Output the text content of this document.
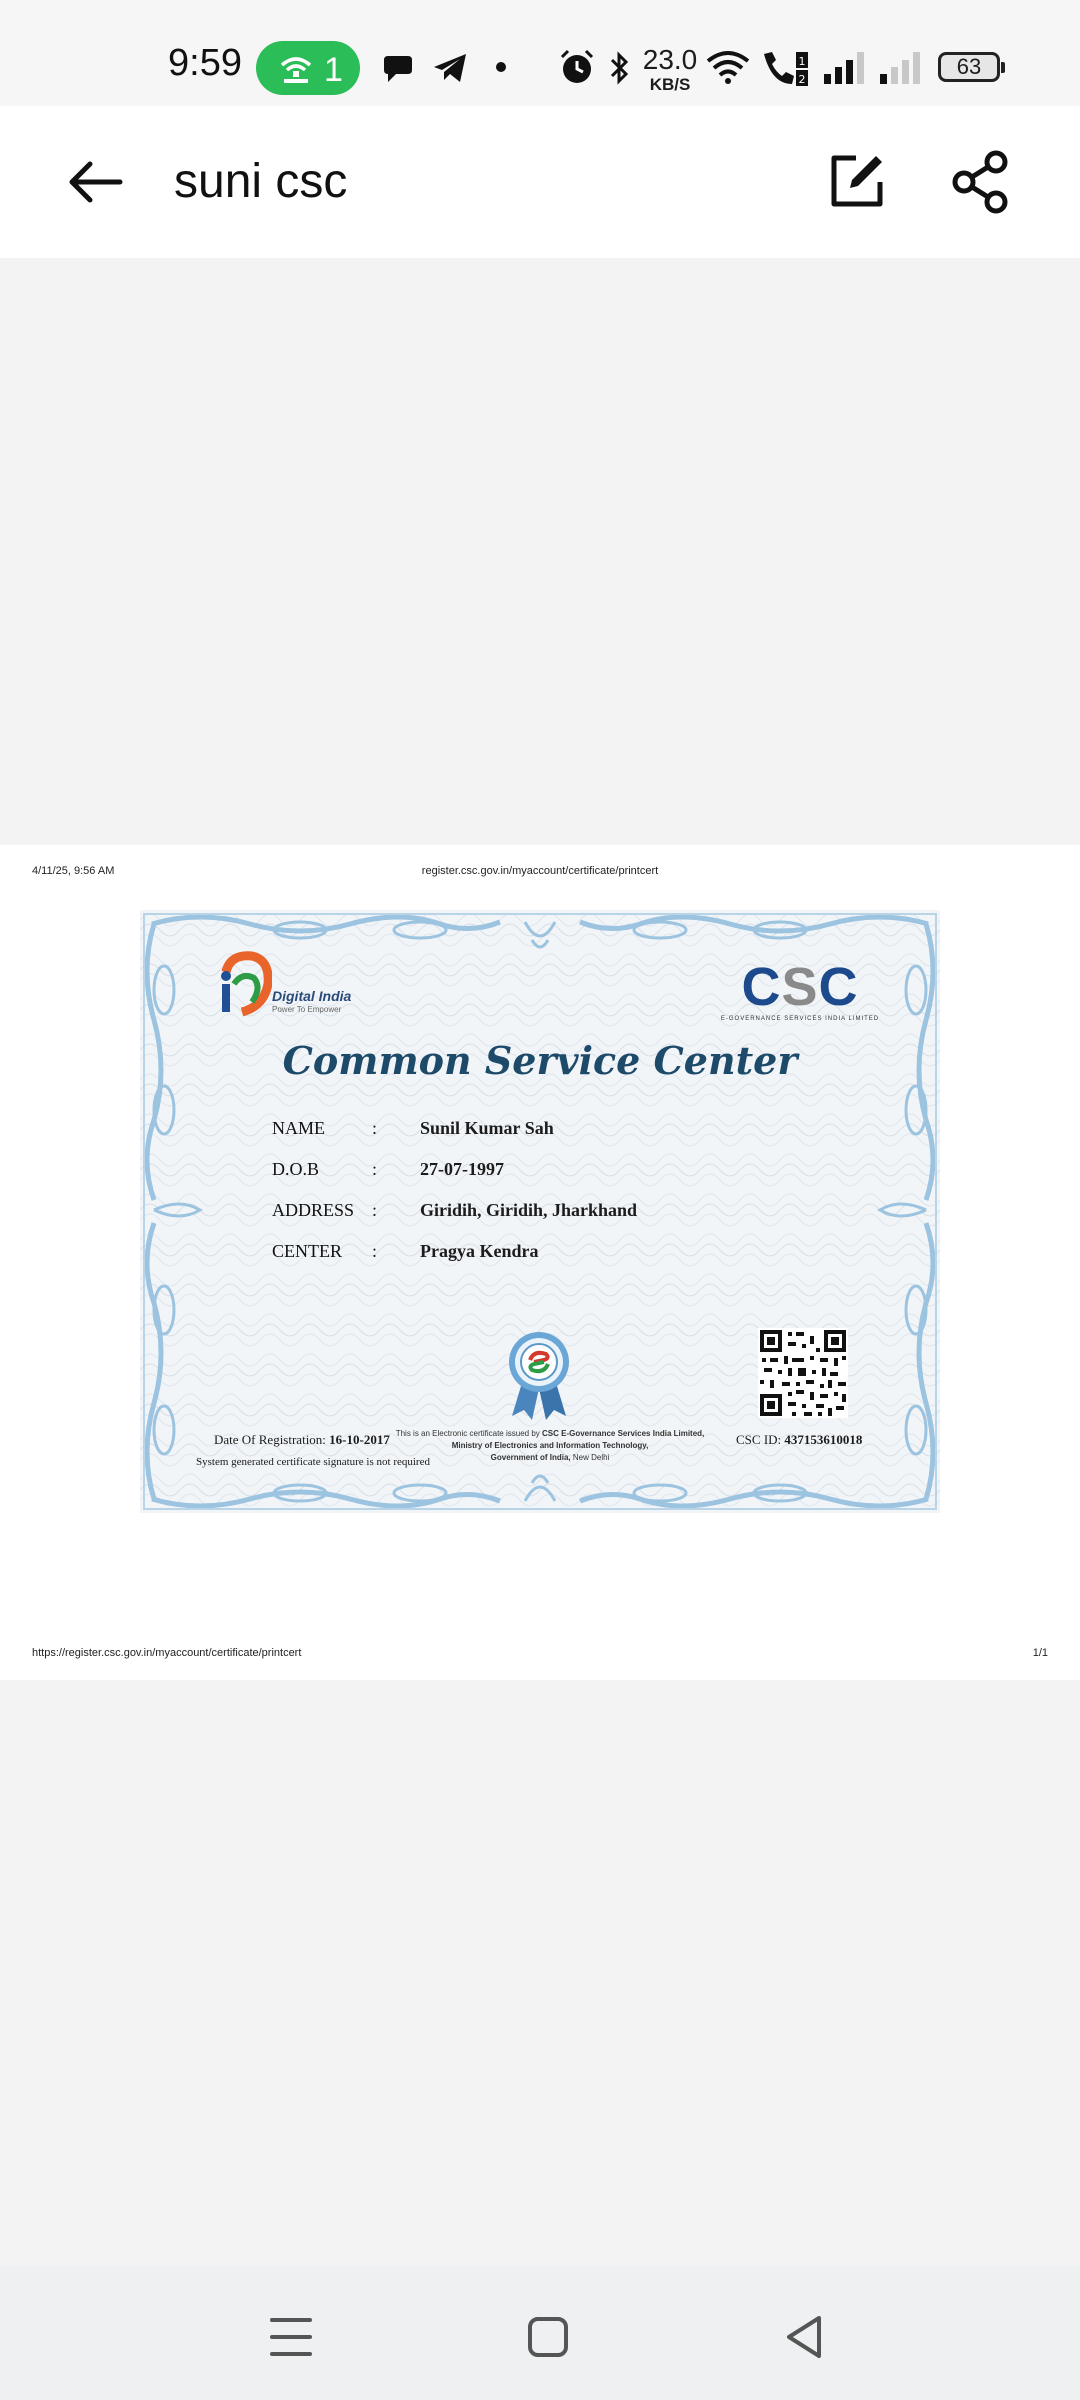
9:59 1	23.0
KB/S
1
2
63
suni csc
4/11/25, 9:56 AM	register.csc.gov.in/myaccount/certificate/printcert
Digital India
Power To Empower	CSC
E-GOVERNANCE SERVICES INDIA LIMITED
Common Service Center
NAME	: Sunil Kumar Sah
D.O.B	: 27-07-1997
ADDRESS : Giridih, Giridih, Jharkhand
CENTER	: Pragya Kendra
Date Of Registration: 16-10-2017
System generated certificate signature is not required
This is an Electronic certificate issued by CSC E-Governance Services India Limited,
Ministry of Electronics and Information Technology,
Government of India, New Delhi
CSC ID: 437153610018
https://register.csc.gov.in/myaccount/certificate/printcert	1/1
